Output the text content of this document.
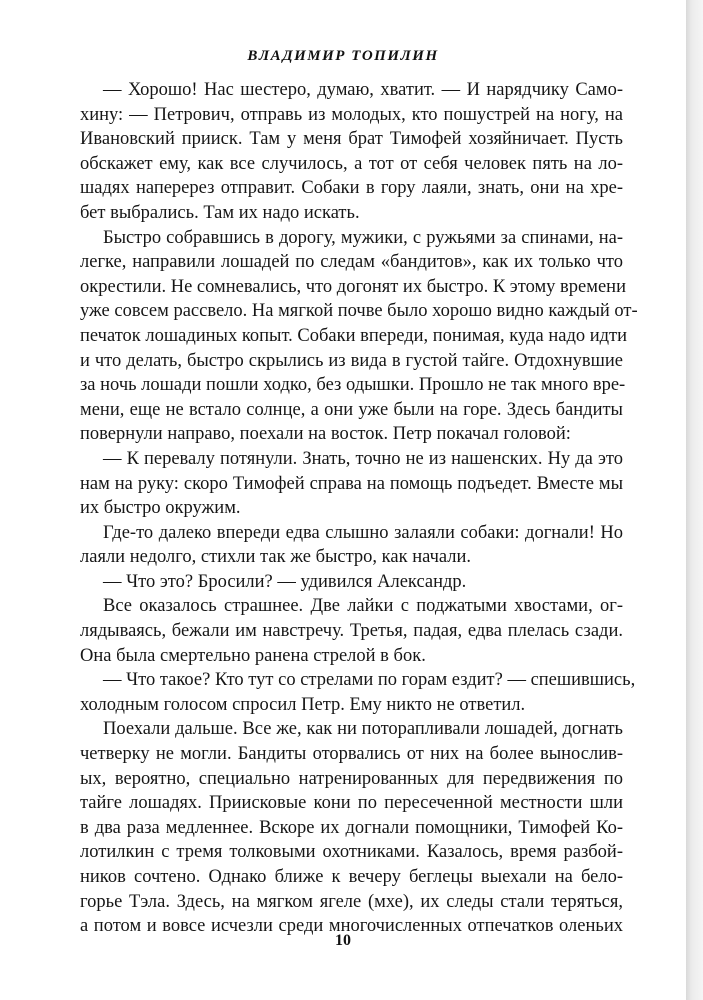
ВЛАДИМИР ТОПИЛИН
— Хорошо! Нас шестеро, думаю, хватит. — И нарядчику Само-
хину: — Петрович, отправь из молодых, кто пошустрей на ногу, на
Ивановский прииск. Там у меня брат Тимофей хозяйничает. Пусть
обскажет ему, как все случилось, а тот от себя человек пять на ло-
шадях наперерез отправит. Собаки в гору лаяли, знать, они на хре-
бет выбрались. Там их надо искать.
Быстро собравшись в дорогу, мужики, с ружьями за спинами, на-
легке, направили лошадей по следам «бандитов», как их только что
окрестили. Не сомневались, что догонят их быстро. К этому времени
уже совсем рассвело. На мягкой почве было хорошо видно каждый от-
печаток лошадиных копыт. Собаки впереди, понимая, куда надо идти
и что делать, быстро скрылись из вида в густой тайге. Отдохнувшие
за ночь лошади пошли ходко, без одышки. Прошло не так много вре-
мени, еще не встало солнце, а они уже были на горе. Здесь бандиты
повернули направо, поехали на восток. Петр покачал головой:
— К перевалу потянули. Знать, точно не из нашенских. Ну да это
нам на руку: скоро Тимофей справа на помощь подъедет. Вместе мы
их быстро окружим.
Где-то далеко впереди едва слышно залаяли собаки: догнали! Но
лаяли недолго, стихли так же быстро, как начали.
— Что это? Бросили? — удивился Александр.
Все оказалось страшнее. Две лайки с поджатыми хвостами, ог-
лядываясь, бежали им навстречу. Третья, падая, едва плелась сзади.
Она была смертельно ранена стрелой в бок.
— Что такое? Кто тут со стрелами по горам ездит? — спешившись,
холодным голосом спросил Петр. Ему никто не ответил.
Поехали дальше. Все же, как ни поторапливали лошадей, догнать
четверку не могли. Бандиты оторвались от них на более вынослив-
ых, вероятно, специально натренированных для передвижения по
тайге лошадях. Приисковые кони по пересеченной местности шли
в два раза медленнее. Вскоре их догнали помощники, Тимофей Ко-
лотилкин с тремя толковыми охотниками. Казалось, время разбой-
ников сочтено. Однако ближе к вечеру беглецы выехали на бело-
горье Тэла. Здесь, на мягком ягеле (мхе), их следы стали теряться,
а потом и вовсе исчезли среди многочисленных отпечатков оленьих
10
